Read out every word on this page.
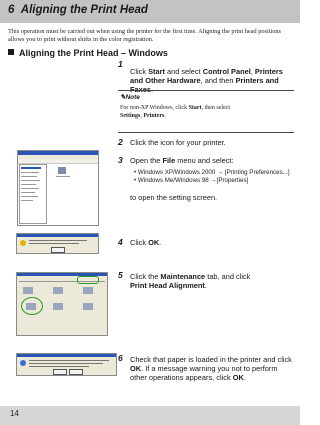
6 Aligning the Print Head
This operation must be carried out when using the printer for the first time. Aligning the print head positions allows you to print without shifts in the color registration.
Aligning the Print Head – Windows
1
Click Start and select Control Panel, Printers and Other Hardware, and then Printers and Faxes.
✎Note
For non-XP Windows, click Start, then select
Settings, Printers.
2 Click the icon for your printer.
3 Open the File menu and select:
• Windows XP/Windows 2000 → [Printing Preferences...]
• Windows Me/Windows 98 →[Properties]
to open the setting screen.
4 Click OK.
5 Click the Maintenance tab, and click
Print Head Alignment.
6 Check that paper is loaded in the printer and click OK. If a message warning you not to perform other operations appears, click OK.
14
